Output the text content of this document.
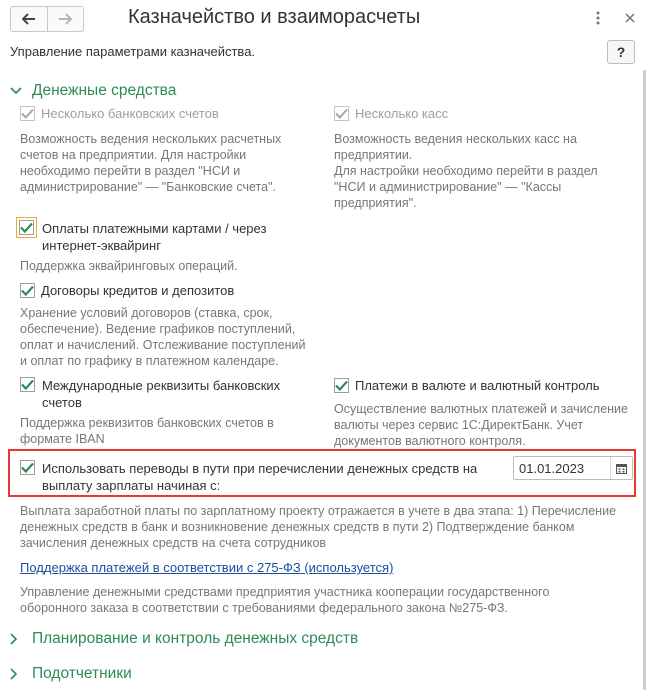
Казначейство и взаиморасчеты
Управление параметрами казначейства.	?
Денежные средства
Несколько банковских счетов
Возможность ведения нескольких расчетных
счетов на предприятии. Для настройки
необходимо перейти в раздел "НСИ и
администрирование" — "Банковские счета".
Несколько касс
Возможность ведения нескольких касс на
предприятии.
Для настройки необходимо перейти в раздел
"НСИ и администрирование" — "Кассы
предприятия".
Оплаты платежными картами / через
интернет-эквайринг
Поддержка эквайринговых операций.
Договоры кредитов и депозитов
Хранение условий договоров (ставка, срок,
обеспечение). Ведение графиков поступлений,
оплат и начислений. Отслеживание поступлений
и оплат по графику в платежном календаре.
Международные реквизиты банковских
счетов
Поддержка реквизитов банковских счетов в
формате IBAN
Платежи в валюте и валютный контроль
Осуществление валютных платежей и зачисление
валюты через сервис 1С:ДиректБанк. Учет
документов валютного контроля.
Использовать переводы в пути при перечислении денежных средств на
выплату зарплаты начиная с:
01.01.2023
Выплата заработной платы по зарплатному проекту отражается в учете в два этапа: 1) Перечисление
денежных средств в банк и возникновение денежных средств в пути 2) Подтверждение банком
зачисления денежных средств на счета сотрудников
Поддержка платежей в соответствии с 275-ФЗ (используется)
Управление денежными средствами предприятия участника кооперации государственного
оборонного заказа в соответствии с требованиями федерального закона №275-ФЗ.
Планирование и контроль денежных средств
Подотчетники
